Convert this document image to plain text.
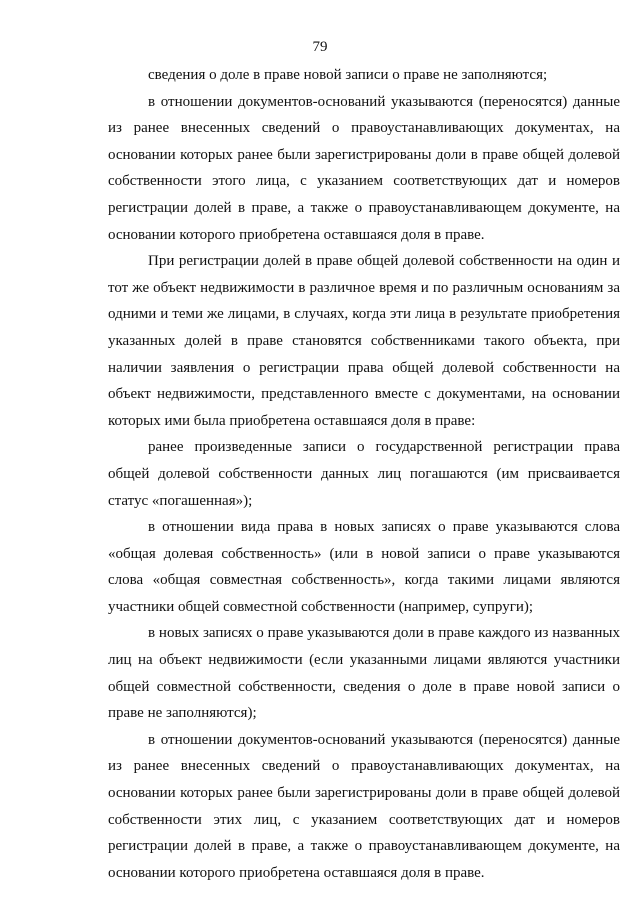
79

сведения о доле в праве новой записи о праве не заполняются;

в отношении документов-оснований указываются (переносятся) данные из ранее внесенных сведений о правоустанавливающих документах, на основании которых ранее были зарегистрированы доли в праве общей долевой собственности этого лица, с указанием соответствующих дат и номеров регистрации долей в праве, а также о правоустанавливающем документе, на основании которого приобретена оставшаяся доля в праве.

При регистрации долей в праве общей долевой собственности на один и тот же объект недвижимости в различное время и по различным основаниям за одними и теми же лицами, в случаях, когда эти лица в результате приобретения указанных долей в праве становятся собственниками такого объекта, при наличии заявления о регистрации права общей долевой собственности на объект недвижимости, представленного вместе с документами, на основании которых ими была приобретена оставшаяся доля в праве:

ранее произведенные записи о государственной регистрации права общей долевой собственности данных лиц погашаются (им присваивается статус «погашенная»);

в отношении вида права в новых записях о праве указываются слова «общая долевая собственность» (или в новой записи о праве указываются слова «общая совместная собственность», когда такими лицами являются участники общей совместной собственности (например, супруги);

в новых записях о праве указываются доли в праве каждого из названных лиц на объект недвижимости (если указанными лицами являются участники общей совместной собственности, сведения о доле в праве новой записи о праве не заполняются);

в отношении документов-оснований указываются (переносятся) данные из ранее внесенных сведений о правоустанавливающих документах, на основании которых ранее были зарегистрированы доли в праве общей долевой собственности этих лиц, с указанием соответствующих дат и номеров регистрации долей в праве, а также о правоустанавливающем документе, на основании которого приобретена оставшаяся доля в праве.
